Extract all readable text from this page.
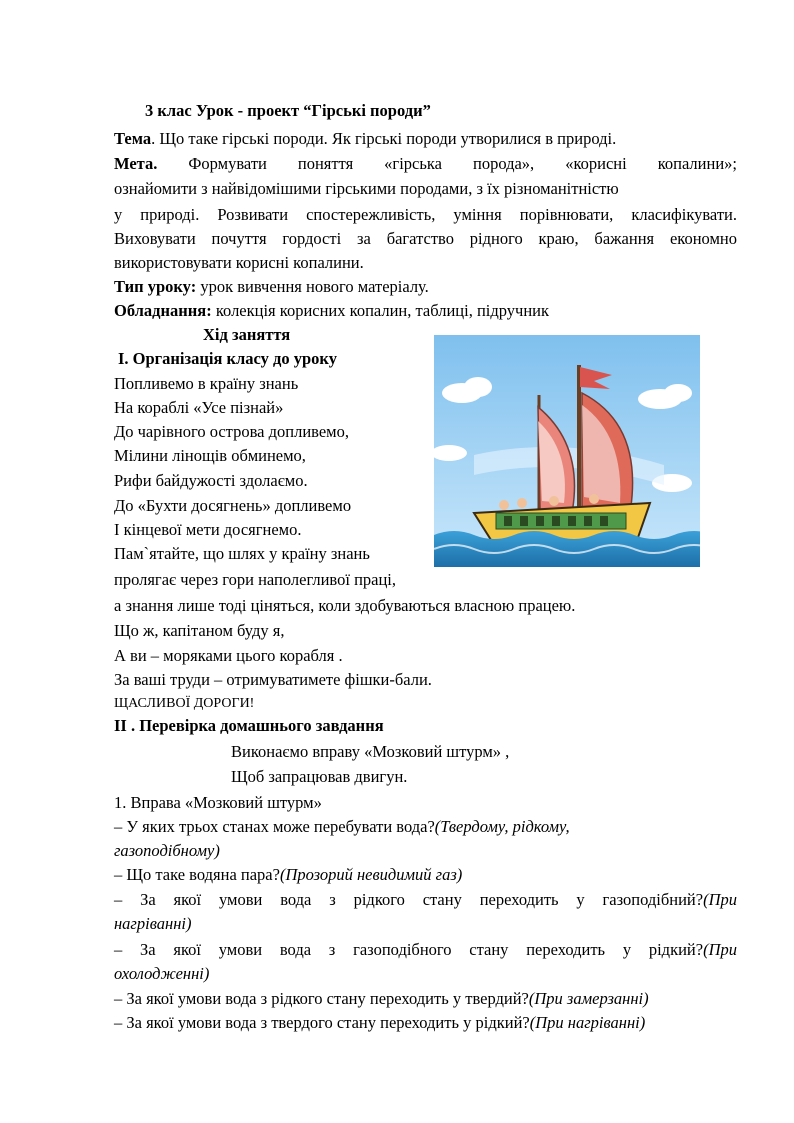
3 клас Урок - проект “Гірські породи”
Тема. Що таке гірські породи. Як гірські породи утворилися в природі.
Мета. Формувати поняття «гірська порода», «корисні копалини»;
ознайомити з найвідомішими гірськими породами, з їх різноманітністю
у природі. Розвивати спостережливість, уміння порівнювати, класифікувати.
Виховувати почуття гордості за багатство рідного краю, бажання економно
використовувати корисні копалини.
Тип уроку: урок вивчення нового матеріалу.
Обладнання: колекція корисних копалин, таблиці, підручник
Хід заняття
I. Організація класу до уроку
Попливемо в країну знань
На кораблі «Усе пізнай»
До чарівного острова допливемо,
Мілини лінощів обминемо,
Рифи байдужості здолаємо.
До «Бухти досягнень» допливемо
І кінцевої мети досягнемо.
Пам`ятайте, що шлях у країну знань
пролягає через гори наполегливої праці,
а знання лише тоді цінятьcя, коли здобуваються власною працею.
Що ж, капітаном буду я,
А ви – моряками цього корабля .
За ваші труди – отримуватимете фішки-бали.
ЩАСЛИВОЇ ДОРОГИ!
II . Перевірка домашнього завдання
Виконаємо вправу «Мозковий штурм» ,
Щоб запрацював двигун.
1. Вправа «Мозковий штурм»
– У яких трьох станах може перебувати вода?(Твердому, рідкому,
газоподібному)
– Що таке водяна пара?(Прозорий невидимий газ)
– За якої умови вода з рідкого стану переходить у газоподібний?(При
нагріванні)
– За якої умови вода з газоподібного стану переходить у рідкий?(При
охолодженні)
– За якої умови вода з рідкого стану переходить у твердий?(При замерзанні)
– За якої умови вода з твердого стану переходить у рідкий?(При нагріванні)
